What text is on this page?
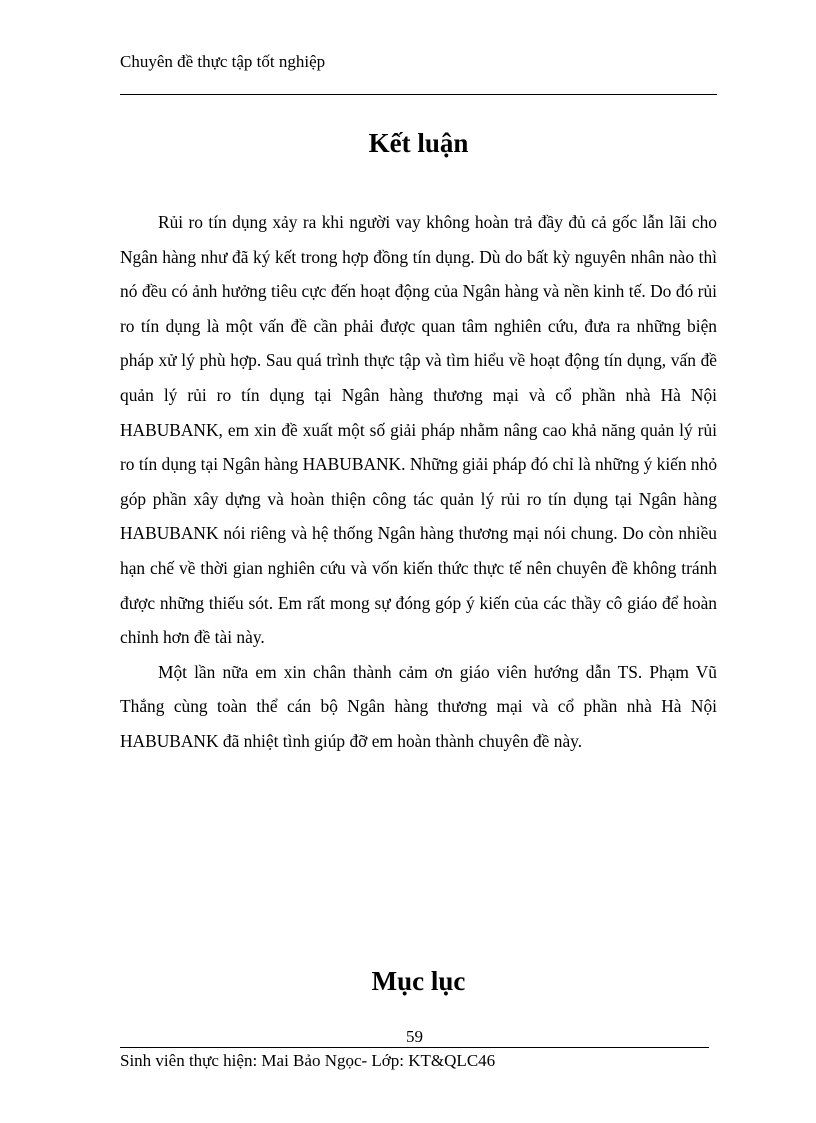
Chuyên đề thực tập tốt nghiệp
Kết luận

Rủi ro tín dụng xảy ra khi người vay không hoàn trả đầy đủ cả gốc lẫn lãi cho Ngân hàng như đã ký kết trong hợp đồng tín dụng. Dù do bất kỳ nguyên nhân nào thì nó đều có ảnh hưởng tiêu cực đến hoạt động của Ngân hàng và nền kinh tế. Do đó rủi ro tín dụng là một vấn đề cần phải được quan tâm nghiên cứu, đưa ra những biện pháp xử lý phù hợp. Sau quá trình thực tập và tìm hiểu về hoạt động tín dụng, vấn đề quản lý rủi ro tín dụng tại Ngân hàng thương mại và cổ phần nhà Hà Nội HABUBANK, em xin đề xuất một số giải pháp nhằm nâng cao khả năng quản lý rủi ro tín dụng tại Ngân hàng HABUBANK. Những giải pháp đó chỉ là những ý kiến nhỏ góp phần xây dựng và hoàn thiện công tác quản lý rủi ro tín dụng tại Ngân hàng HABUBANK nói riêng và hệ thống Ngân hàng thương mại nói chung. Do còn nhiều hạn chế về thời gian nghiên cứu và vốn kiến thức thực tế nên chuyên đề không tránh được những thiếu sót. Em rất mong sự đóng góp ý kiến của các thầy cô giáo để hoàn chỉnh hơn đề tài này.

Một lần nữa em xin chân thành cảm ơn giáo viên hướng dẫn TS. Phạm Vũ Thắng cùng toàn thể cán bộ Ngân hàng thương mại và cổ phần nhà Hà Nội HABUBANK đã nhiệt tình giúp đỡ em hoàn thành chuyên đề này.

Mục lục
59
Sinh viên thực hiện: Mai Bảo Ngọc- Lớp: KT&QLC46
